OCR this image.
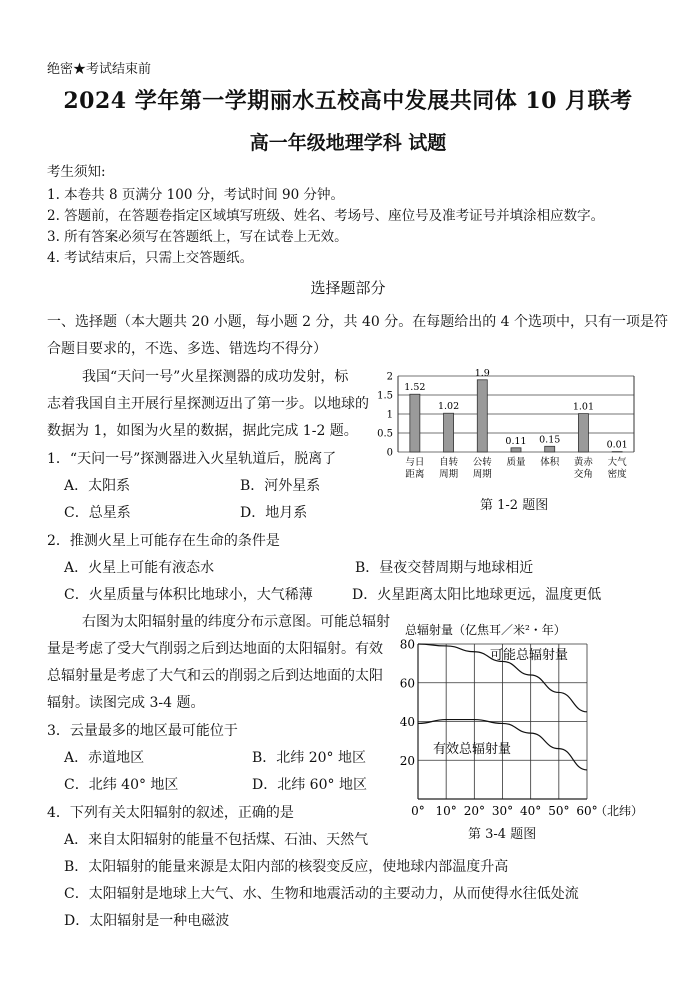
绝密★考试结束前
2024 学年第一学期丽水五校高中发展共同体 10 月联考
高一年级地理学科 试题
考生须知:
1. 本卷共 8 页满分 100 分，考试时间 90 分钟。
2. 答题前，在答题卷指定区域填写班级、姓名、考场号、座位号及准考证号并填涂相应数字。
3. 所有答案必须写在答题纸上，写在试卷上无效。
4. 考试结束后，只需上交答题纸。
选择题部分
一、选择题（本大题共 20 小题，每小题 2 分，共 40 分。在每题给出的 4 个选项中，只有一项是符
合题目要求的，不选、多选、错选均不得分）
我国“天问一号”火星探测器的成功发射，标
志着我国自主开展行星探测迈出了第一步。以地球的
数据为 1，如图为火星的数据，据此完成 1-2 题。
1．“天问一号”探测器进入火星轨道后，脱离了
A．太阳系	B．河外星系
C．总星系	D．地月系
0
0.5
1
1.5
2
1.52
与日
距离
1.02
自转
周期
1.9
公转
周期
0.11
质量
0.15
体积
1.01
黄赤
交角
0.01
大气
密度
第 1-2 题图
2．推测火星上可能存在生命的条件是
A．火星上可能有液态水	B．昼夜交替周期与地球相近
C．火星质量与体积比地球小，大气稀薄	D．火星距离太阳比地球更远，温度更低
右图为太阳辐射量的纬度分布示意图。可能总辐射
量是考虑了受大气削弱之后到达地面的太阳辐射。有效
总辐射量是考虑了大气和云的削弱之后到达地面的太阳
辐射。读图完成 3-4 题。
3．云量最多的地区最可能位于
A．赤道地区	B．北纬 20° 地区
C．北纬 40° 地区	D．北纬 60° 地区
总辐射量（亿焦耳／米²・年）
0° 10° 20° 30° 40° 50° 60°
20
40
60
80
（北纬）
可能总辐射量
有效总辐射量
第 3-4 题图
4．下列有关太阳辐射的叙述，正确的是
A．来自太阳辐射的能量不包括煤、石油、天然气
B．太阳辐射的能量来源是太阳内部的核裂变反应，使地球内部温度升高
C．太阳辐射是地球上大气、水、生物和地震活动的主要动力，从而使得水往低处流
D．太阳辐射是一种电磁波
